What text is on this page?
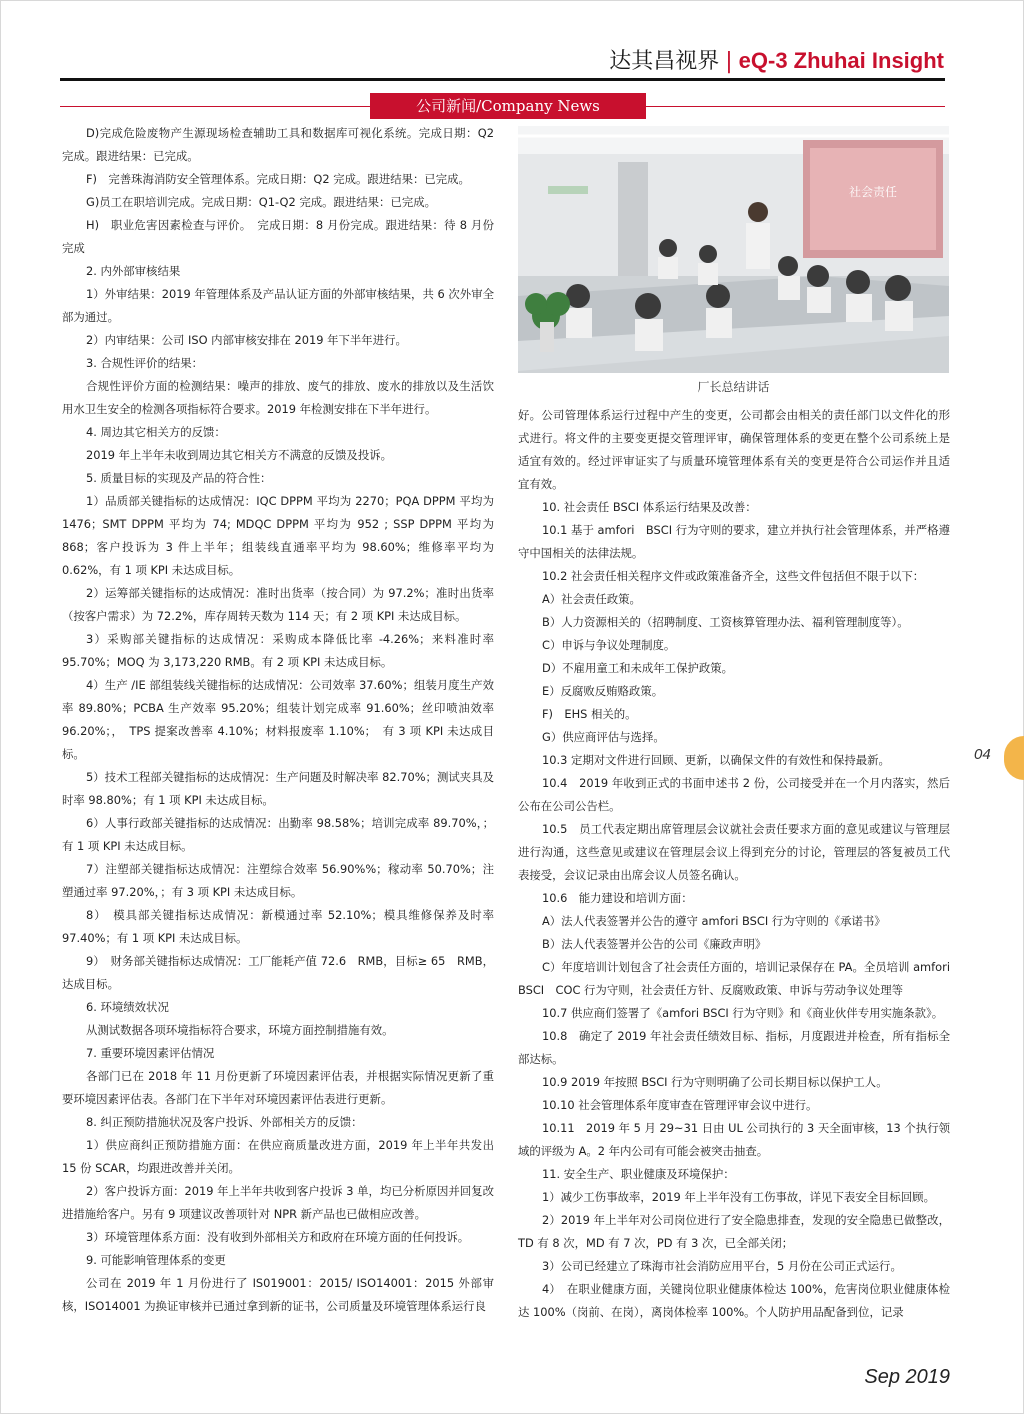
达其昌视界 | eQ-3 Zhuhai Insight
公司新闻/Company News

D)完成危险废物产生源现场检查辅助工具和数据库可视化系统。完成日期：Q2 完成。跟进结果：已完成。

F)　完善珠海消防安全管理体系。完成日期：Q2 完成。跟进结果：已完成。

G)员工在职培训完成。完成日期：Q1-Q2 完成。跟进结果：已完成。

H)　职业危害因素检查与评价。　完成日期：8 月份完成。跟进结果：待 8 月份完成

2. 内外部审核结果

1）外审结果：2019 年管理体系及产品认证方面的外部审核结果，共 6 次外审全部为通过。

2）内审结果：公司 ISO 内部审核安排在 2019 年下半年进行。

3. 合规性评价的结果：

合规性评价方面的检测结果：噪声的排放、废气的排放、废水的排放以及生活饮用水卫生安全的检测各项指标符合要求。2019 年检测安排在下半年进行。

4. 周边其它相关方的反馈：

2019 年上半年未收到周边其它相关方不满意的反馈及投诉。

5. 质量目标的实现及产品的符合性：

1）品质部关键指标的达成情况：IQC DPPM 平均为 2270；PQA DPPM 平均为 1476；SMT DPPM 平均为 74; MDQC DPPM 平均为 952 ; SSP DPPM 平均为 868；客户投诉为 3 件上半年；组装线直通率平均为 98.60%；维修率平均为 0.62%，有 1 项 KPI 未达成目标。

2）运筹部关键指标的达成情况：准时出货率（按合同）为 97.2%；准时出货率（按客户需求）为 72.2%，库存周转天数为 114 天；有 2 项 KPI 未达成目标。

3）采购部关键指标的达成情况：采购成本降低比率 -4.26%；来料准时率 95.70%；MOQ 为 3,173,220 RMB。有 2 项 KPI 未达成目标。

4）生产 /IE 部组装线关键指标的达成情况：公司效率 37.60%；组装月度生产效率 89.80%；PCBA 生产效率 95.20%；组装计划完成率 91.60%；丝印喷油效率 96.20%；，　TPS 提案改善率 4.10%；材料报废率 1.10%；　有 3 项 KPI 未达成目标。

5）技术工程部关键指标的达成情况：生产问题及时解决率 82.70%；测试夹具及时率 98.80%；有 1 项 KPI 未达成目标。

6）人事行政部关键指标的达成情况：出勤率 98.58%；培训完成率 89.70%，；有 1 项 KPI 未达成目标。

7）注塑部关键指标达成情况：注塑综合效率 56.90%%；稼动率 50.70%；注塑通过率 97.20%，；有 3 项 KPI 未达成目标。

8）　模具部关键指标达成情况：新模通过率 52.10%；模具维修保养及时率 97.40%；有 1 项 KPI 未达成目标。

9）　财务部关键指标达成情况：工厂能耗产值 72.6　RMB，目标≥ 65　RMB，达成目标。

6. 环境绩效状况

从测试数据各项环境指标符合要求，环境方面控制措施有效。

7. 重要环境因素评估情况

各部门已在 2018 年 11 月份更新了环境因素评估表，并根据实际情况更新了重要环境因素评估表。各部门在下半年对环境因素评估表进行更新。

8. 纠正预防措施状况及客户投诉、外部相关方的反馈：

1）供应商纠正预防措施方面：在供应商质量改进方面，2019 年上半年共发出 15 份 SCAR，均跟进改善并关闭。

2）客户投诉方面：2019 年上半年共收到客户投诉 3 单，均已分析原因并回复改进措施给客户。另有 9 项建议改善项针对 NPR 新产品也已做相应改善。

3）环境管理体系方面：没有收到外部相关方和政府在环境方面的任何投诉。

9. 可能影响管理体系的变更

公司在 2019 年 1 月份进行了 IS019001：2015/ ISO14001：2015 外部审核，ISO14001 为换证审核并已通过拿到新的证书，公司质量及环境管理体系运行良

社会责任
厂长总结讲话

好。公司管理体系运行过程中产生的变更，公司都会由相关的责任部门以文件化的形式进行。将文件的主要变更提交管理评审，确保管理体系的变更在整个公司系统上是适宜有效的。经过评审证实了与质量环境管理体系有关的变更是符合公司运作并且适宜有效。

10. 社会责任 BSCI 体系运行结果及改善：

10.1 基于 amfori　BSCI 行为守则的要求，建立并执行社会管理体系，并严格遵守中国相关的法律法规。

10.2 社会责任相关程序文件或政策准备齐全，这些文件包括但不限于以下：

A）社会责任政策。

B）人力资源相关的（招聘制度、工资核算管理办法、福利管理制度等）。

C）申诉与争议处理制度。

D）不雇用童工和未成年工保护政策。

E）反腐败反贿赂政策。

F)　EHS 相关的。

G）供应商评估与选择。

10.3 定期对文件进行回顾、更新，以确保文件的有效性和保持最新。

10.4　2019 年收到正式的书面申述书 2 份，公司接受并在一个月内落实，然后公布在公司公告栏。

10.5　员工代表定期出席管理层会议就社会责任要求方面的意见或建议与管理层进行沟通，这些意见或建议在管理层会议上得到充分的讨论，管理层的答复被员工代表接受，会议记录由出席会议人员签名确认。

10.6　能力建设和培训方面：

A）法人代表签署并公告的遵守 amfori BSCI 行为守则的《承诺书》

B）法人代表签署并公告的公司《廉政声明》

C）年度培训计划包含了社会责任方面的，培训记录保存在 PA。全员培训 amfori　BSCI　COC 行为守则，社会责任方针、反腐败政策、申诉与劳动争议处理等

10.7 供应商们签署了《amfori BSCI 行为守则》和《商业伙伴专用实施条款》。

10.8　确定了 2019 年社会责任绩效目标、指标，月度跟进并检查，所有指标全部达标。

10.9 2019 年按照 BSCI 行为守则明确了公司长期目标以保护工人。

10.10 社会管理体系年度审查在管理评审会议中进行。

10.11　2019 年 5 月 29~31 日由 UL 公司执行的 3 天全面审核，13 个执行领域的评级为 A。2 年内公司有可能会被突击抽查。

11. 安全生产、职业健康及环境保护：

1）减少工伤事故率，2019 年上半年没有工伤事故，详见下表安全目标回顾。

2）2019 年上半年对公司岗位进行了安全隐患排查，发现的安全隐患已做整改，TD 有 8 次，MD 有 7 次，PD 有 3 次，已全部关闭；

3）公司已经建立了珠海市社会消防应用平台，5 月份在公司正式运行。

4）　在职业健康方面，关键岗位职业健康体检达 100%，危害岗位职业健康体检达 100%（岗前、在岗），离岗体检率 100%。个人防护用品配备到位，记录

04
Sep 2019
